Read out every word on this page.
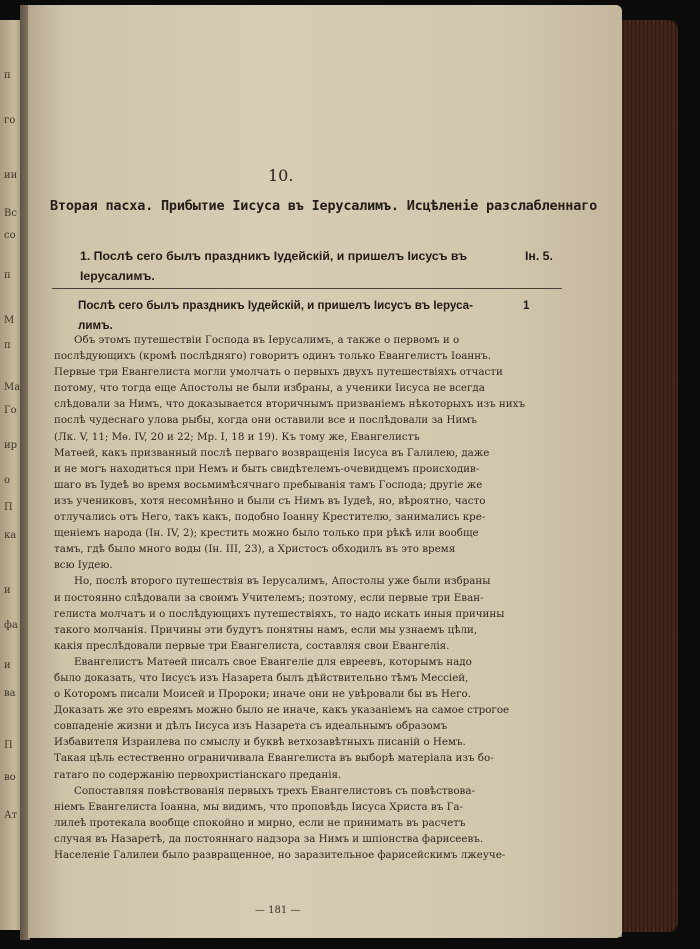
п
го
ии
Вс
со
п
М
п
Ма
Го
ир
о
П
ка
и
фа
и
ва
П
во
Ат
10.
Вторая пасха. Прибытие Iисуса въ Iерусалимъ. Исцѣленіе разслабленнаго
1. Послѣ сего былъ праздникъ Iудейскій, и пришелъ Iисусъ въ	Iн. 5.
Iерусалимъ.
Послѣ сего былъ праздникъ Iудейскій, и пришелъ Iисусъ въ Iеруса-	1
лимъ.
Объ этомъ путешествіи Господа въ Iерусалимъ, а также о первомъ и о
послѣдующихъ (кромѣ послѣдняго) говоритъ одинъ только Евангелистъ Iоаннъ.
Первые три Евангелиста могли умолчать о первыхъ двухъ путешествіяхъ отчасти
потому, что тогда еще Апостолы не были избраны, а ученики Iисуса не всегда
слѣдовали за Нимъ, что доказывается вторичнымъ призваніемъ нѣкоторыхъ изъ нихъ
послѣ чудеснаго улова рыбы, когда они оставили все и послѣдовали за Нимъ
(Лк. V, 11; Мѳ. IV, 20 и 22; Мр. I, 18 и 19). Къ тому же, Евангелистъ
Матѳей, какъ призванный послѣ перваго возвращенія Iисуса въ Галилею, даже
и не могъ находиться при Немъ и быть свидѣтелемъ-очевидцемъ происходив-
шаго въ Iудеѣ во время восьмимѣсячнаго пребыванія тамъ Господа; другіе же
изъ учениковъ, хотя несомнѣнно и были съ Нимъ въ Iудеѣ, но, вѣроятно, часто
отлучались отъ Него, такъ какъ, подобно Iоанну Крестителю, занимались кре-
щеніемъ народа (Iн. IV, 2); крестить можно было только при рѣкѣ или вообще
тамъ, гдѣ было много воды (Iн. III, 23), а Христосъ обходилъ въ это время
всю Iудею.
Но, послѣ второго путешествія въ Iерусалимъ, Апостолы уже были избраны
и постоянно слѣдовали за своимъ Учителемъ; поэтому, если первые три Еван-
гелиста молчатъ и о послѣдующихъ путешествіяхъ, то надо искать иныя причины
такого молчанія. Причины эти будутъ понятны намъ, если мы узнаемъ цѣли,
какія преслѣдовали первые три Евангелиста, составляя свои Евангелія.
Евангелистъ Матѳей писалъ свое Евангеліе для евреевъ, которымъ надо
было доказать, что Iисусъ изъ Назарета былъ дѣйствительно тѣмъ Мессіей,
о Которомъ писали Моисей и Пророки; иначе они не увѣровали бы въ Него.
Доказать же это евреямъ можно было не иначе, какъ указаніемъ на самое строгое
совпаденіе жизни и дѣлъ Iисуса изъ Назарета съ идеальнымъ образомъ
Избавителя Израилева по смыслу и буквѣ ветхозавѣтныхъ писаній о Немъ.
Такая цѣль естественно ограничивала Евангелиста въ выборѣ матеріала изъ бо-
гатаго по содержанію первохристіанскаго преданія.
Сопоставляя повѣствованія первыхъ трехъ Евангелистовъ съ повѣствова-
ніемъ Евангелиста Iоанна, мы видимъ, что проповѣдь Iисуса Христа въ Га-
лилеѣ протекала вообще спокойно и мирно, если не принимать въ расчетъ
случая въ Назаретѣ, да постояннаго надзора за Нимъ и шпіонства фарисеевъ.
Населеніе Галилеи было развращенное, но заразительное фарисейскимъ лжеуче-
— 181 —
